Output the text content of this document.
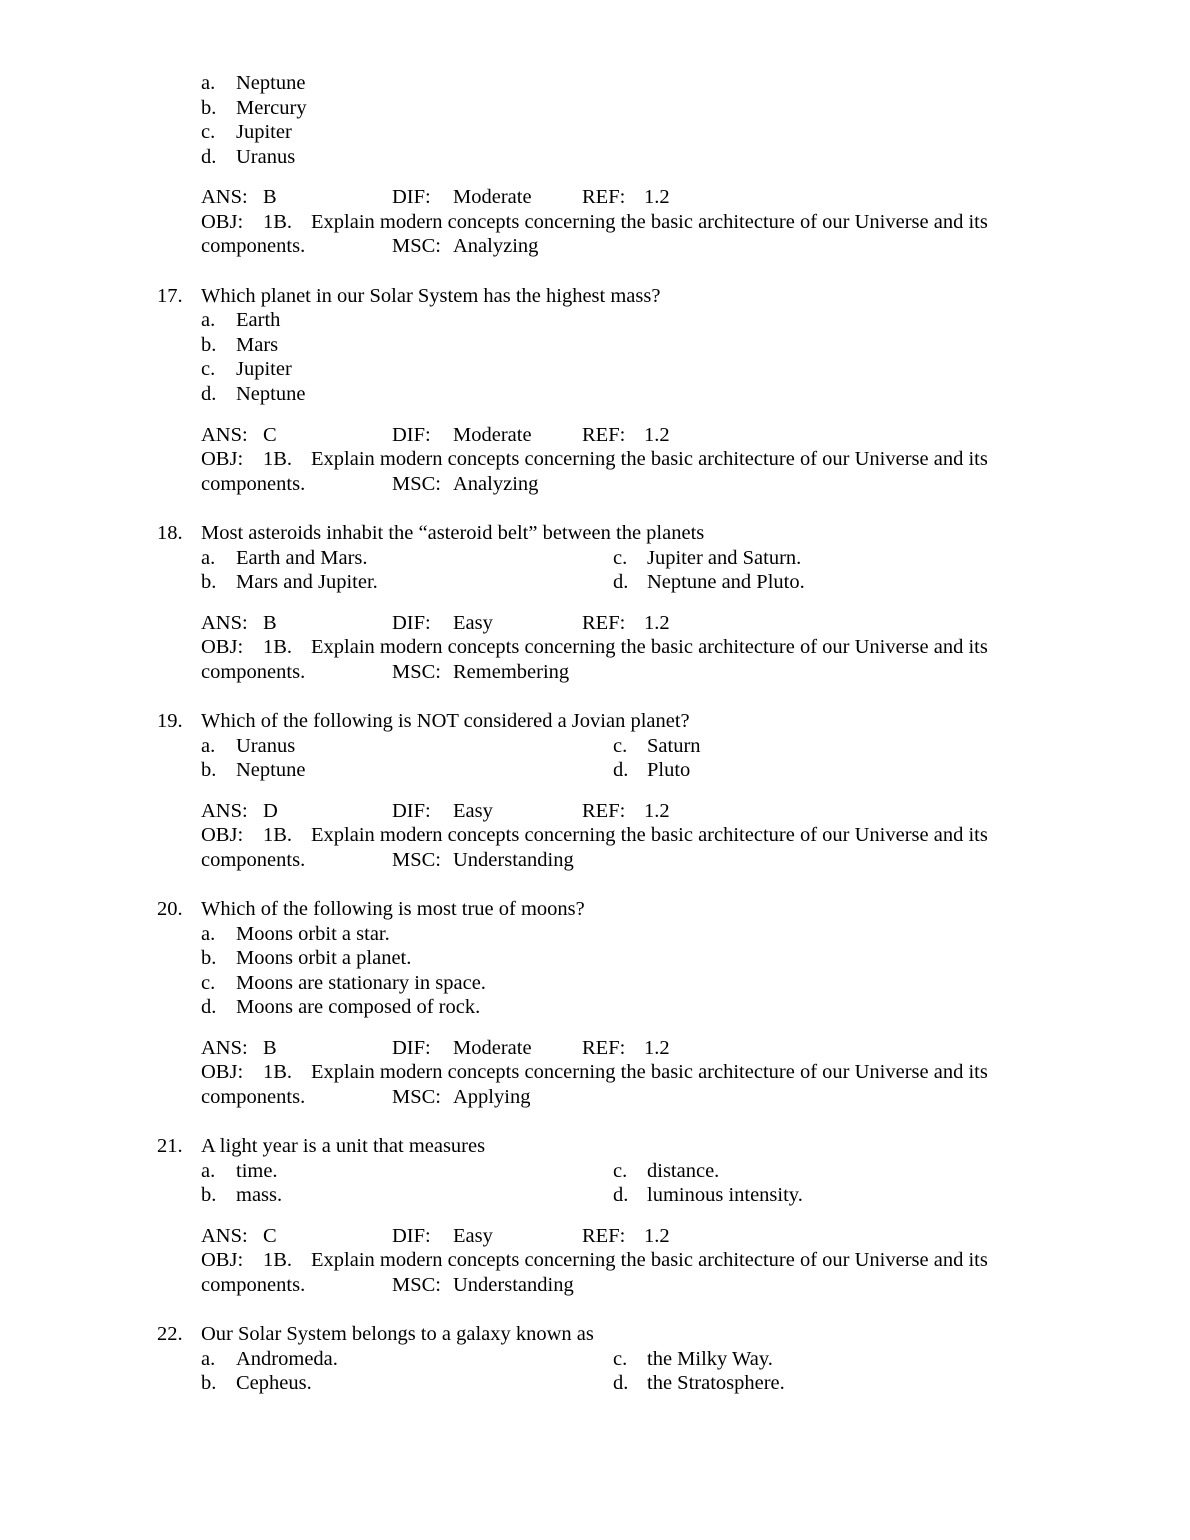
a. Neptune
b. Mercury
c. Jupiter
d. Uranus
ANS: B	DIF: Moderate REF: 1.2
OBJ: 1B. Explain modern concepts concerning the basic architecture of our Universe and its
components.	MSC: Analyzing
17. Which planet in our Solar System has the highest mass?
a. Earth
b. Mars
c. Jupiter
d. Neptune
ANS: C	DIF: Moderate REF: 1.2
OBJ: 1B. Explain modern concepts concerning the basic architecture of our Universe and its
components.	MSC: Analyzing
18. Most asteroids inhabit the “asteroid belt” between the planets
a. Earth and Mars.
b. Mars and Jupiter.
c. Jupiter and Saturn.
d. Neptune and Pluto.
ANS: B	DIF: Easy	REF: 1.2
OBJ: 1B. Explain modern concepts concerning the basic architecture of our Universe and its
components.	MSC: Remembering
19. Which of the following is NOT considered a Jovian planet?
a. Uranus
b. Neptune
c. Saturn
d. Pluto
ANS: D	DIF: Easy	REF: 1.2
OBJ: 1B. Explain modern concepts concerning the basic architecture of our Universe and its
components.	MSC: Understanding
20. Which of the following is most true of moons?
a. Moons orbit a star.
b. Moons orbit a planet.
c. Moons are stationary in space.
d. Moons are composed of rock.
ANS: B	DIF: Moderate REF: 1.2
OBJ: 1B. Explain modern concepts concerning the basic architecture of our Universe and its
components.	MSC: Applying
21. A light year is a unit that measures
a. time.
b. mass.
c. distance.
d. luminous intensity.
ANS: C	DIF: Easy	REF: 1.2
OBJ: 1B. Explain modern concepts concerning the basic architecture of our Universe and its
components.	MSC: Understanding
22. Our Solar System belongs to a galaxy known as
a. Andromeda.
b. Cepheus.
c. the Milky Way.
d. the Stratosphere.
